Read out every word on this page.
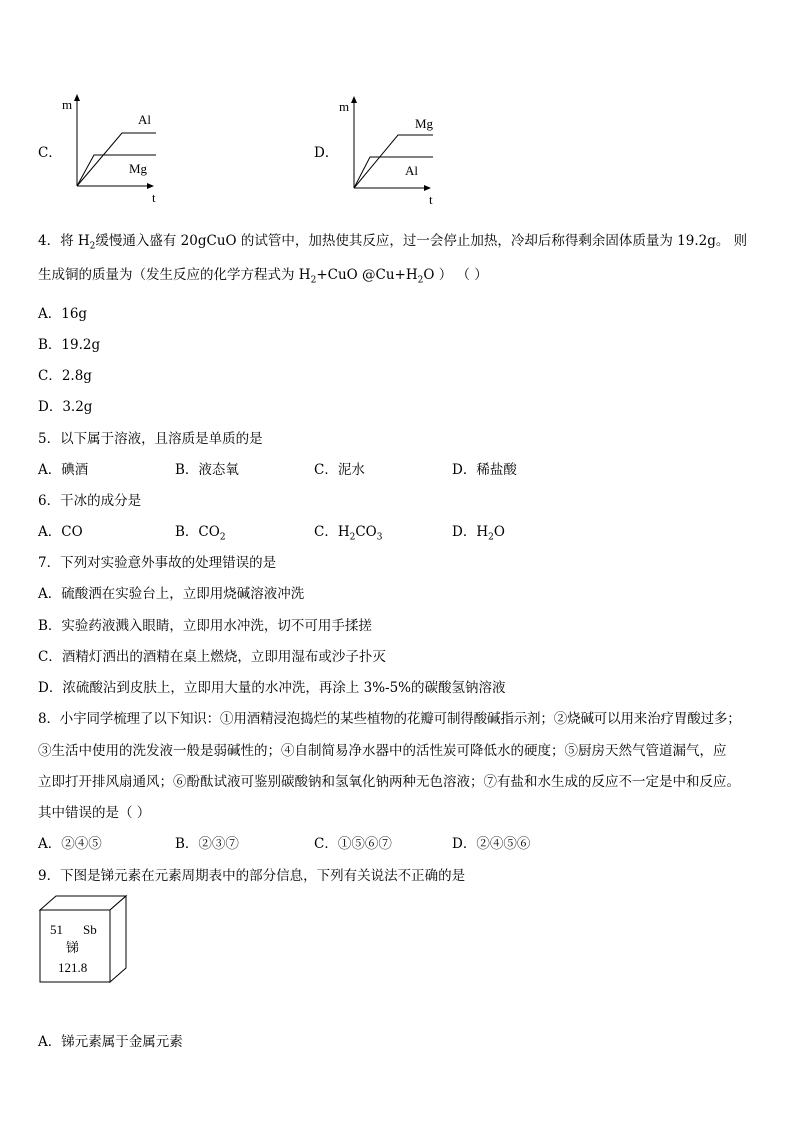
C．
m
t
Al
Mg
D．
m
t
Mg
Al
4．将 $H_2$缓慢通入盛有 20gCuO 的试管中，加热使其反应，过一会停止加热，冷却后称得剩余固体质量为 19.2g。 则
生成铜的质量为（发生反应的化学方程式为 $H_2+CuO$ $@Cu+H_2O$ ） （ ）
A．16g
B．19.2g
C．2.8g
D．3.2g
5．以下属于溶液，且溶质是单质的是
A．碘酒	B．液态氧	C．泥水	D．稀盐酸
6．干冰的成分是
A．CO	B．$CO_2$	C．$H_2CO_3$	D．$H_2O$
7．下列对实验意外事故的处理错误的是
A．硫酸洒在实验台上，立即用烧碱溶液冲洗
B．实验药液溅入眼睛，立即用水冲洗，切不可用手揉搓
C．酒精灯洒出的酒精在桌上燃烧，立即用湿布或沙子扑灭
D．浓硫酸沾到皮肤上，立即用大量的水冲洗，再涂上 3%-5%的碳酸氢钠溶液
8．小宇同学梳理了以下知识：①用酒精浸泡捣烂的某些植物的花瓣可制得酸碱指示剂；②烧碱可以用来治疗胃酸过多；
③生活中使用的洗发液一般是弱碱性的；④自制简易净水器中的活性炭可降低水的硬度；⑤厨房天然气管道漏气，应
立即打开排风扇通风；⑥酚酞试液可鉴别碳酸钠和氢氧化钠两种无色溶液；⑦有盐和水生成的反应不一定是中和反应。
其中错误的是（ ）
A．②④⑤	B．②③⑦	C．①⑤⑥⑦	D．②④⑤⑥
9．下图是锑元素在元素周期表中的部分信息，下列有关说法不正确的是
51 Sb
锑
121.8
A．锑元素属于金属元素
